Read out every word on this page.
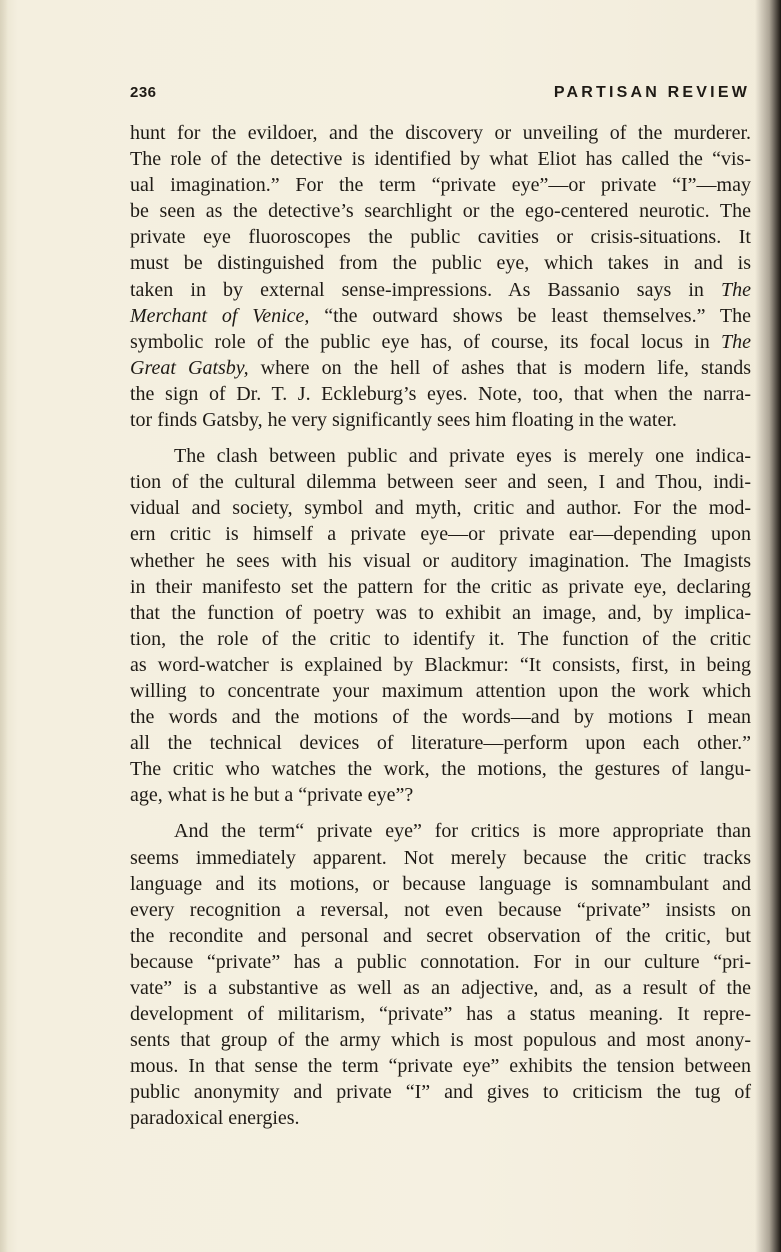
236	PARTISAN REVIEW
hunt for the evildoer, and the discovery or unveiling of the murderer.
The role of the detective is identified by what Eliot has called the “vis-
ual imagination.” For the term “private eye”—or private “I”—may
be seen as the detective’s searchlight or the ego-centered neurotic. The
private eye fluoroscopes the public cavities or crisis-situations. It
must be distinguished from the public eye, which takes in and is
taken in by external sense-impressions. As Bassanio says in The
Merchant of Venice, “the outward shows be least themselves.” The
symbolic role of the public eye has, of course, its focal locus in The
Great Gatsby, where on the hell of ashes that is modern life, stands
the sign of Dr. T. J. Eckleburg’s eyes. Note, too, that when the narra-
tor finds Gatsby, he very significantly sees him floating in the water.
The clash between public and private eyes is merely one indica-
tion of the cultural dilemma between seer and seen, I and Thou, indi-
vidual and society, symbol and myth, critic and author. For the mod-
ern critic is himself a private eye—or private ear—depending upon
whether he sees with his visual or auditory imagination. The Imagists
in their manifesto set the pattern for the critic as private eye, declaring
that the function of poetry was to exhibit an image, and, by implica-
tion, the role of the critic to identify it. The function of the critic
as word-watcher is explained by Blackmur: “It consists, first, in being
willing to concentrate your maximum attention upon the work which
the words and the motions of the words—and by motions I mean
all the technical devices of literature—perform upon each other.”
The critic who watches the work, the motions, the gestures of langu-
age, what is he but a “private eye”?
And the term“ private eye” for critics is more appropriate than
seems immediately apparent. Not merely because the critic tracks
language and its motions, or because language is somnambulant and
every recognition a reversal, not even because “private” insists on
the recondite and personal and secret observation of the critic, but
because “private” has a public connotation. For in our culture “pri-
vate” is a substantive as well as an adjective, and, as a result of the
development of militarism, “private” has a status meaning. It repre-
sents that group of the army which is most populous and most anony-
mous. In that sense the term “private eye” exhibits the tension between
public anonymity and private “I” and gives to criticism the tug of
paradoxical energies.
